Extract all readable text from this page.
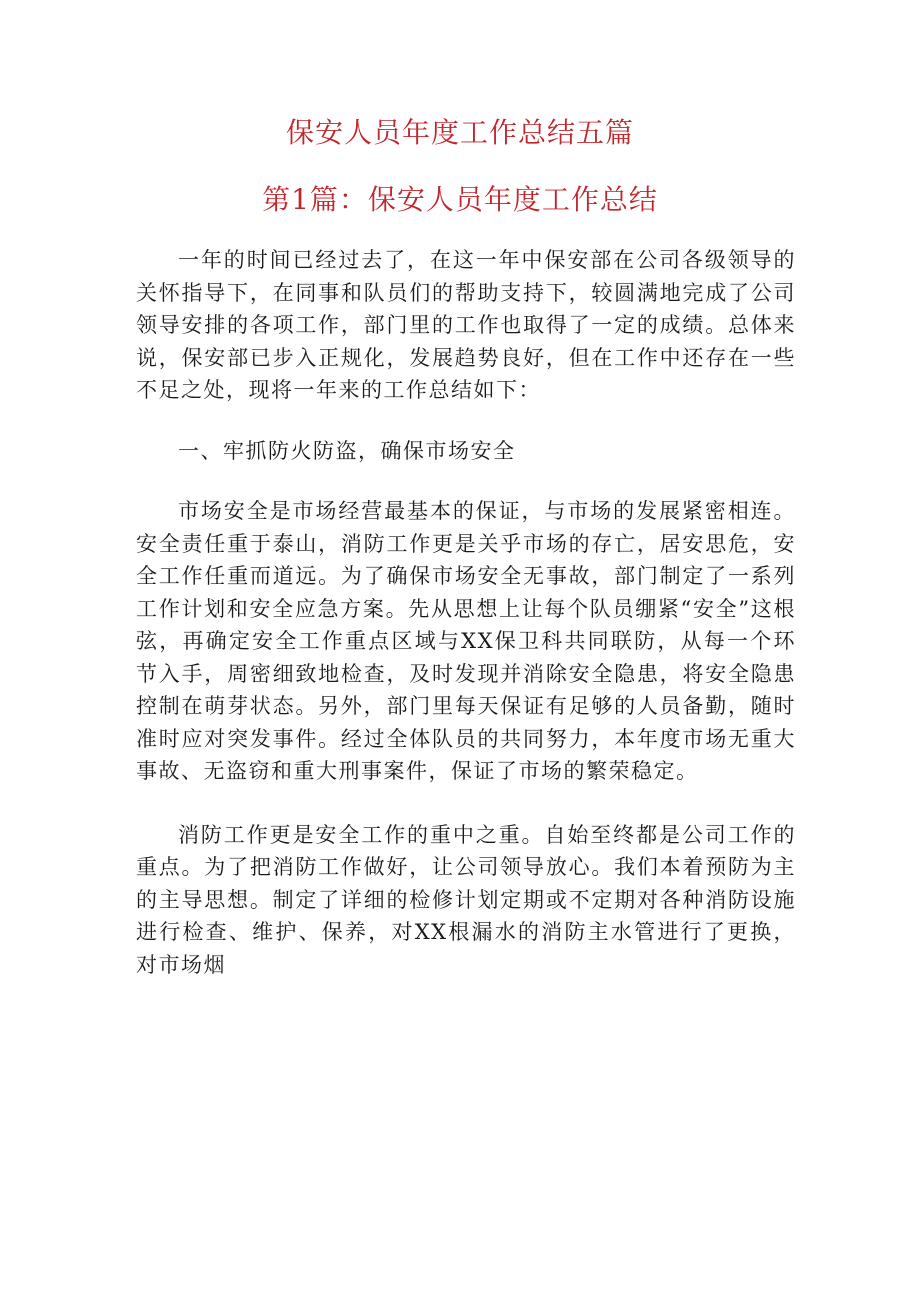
保安人员年度工作总结五篇
第1篇：保安人员年度工作总结

一年的时间已经过去了，在这一年中保安部在公司各级领导的关怀指导下，在同事和队员们的帮助支持下，较圆满地完成了公司领导安排的各项工作，部门里的工作也取得了一定的成绩。总体来说，保安部已步入正规化，发展趋势良好，但在工作中还存在一些不足之处，现将一年来的工作总结如下：

一、牢抓防火防盗，确保市场安全

市场安全是市场经营最基本的保证，与市场的发展紧密相连。安全责任重于泰山，消防工作更是关乎市场的存亡，居安思危，安全工作任重而道远。为了确保市场安全无事故，部门制定了一系列工作计划和安全应急方案。先从思想上让每个队员绷紧“安全”这根弦，再确定安全工作重点区域与XX保卫科共同联防，从每一个环节入手，周密细致地检查，及时发现并消除安全隐患，将安全隐患控制在萌芽状态。另外，部门里每天保证有足够的人员备勤，随时准时应对突发事件。经过全体队员的共同努力，本年度市场无重大事故、无盗窃和重大刑事案件，保证了市场的繁荣稳定。

消防工作更是安全工作的重中之重。自始至终都是公司工作的重点。为了把消防工作做好，让公司领导放心。我们本着预防为主的主导思想。制定了详细的检修计划定期或不定期对各种消防设施进行检查、维护、保养，对XX根漏水的消防主水管进行了更换，对市场烟
